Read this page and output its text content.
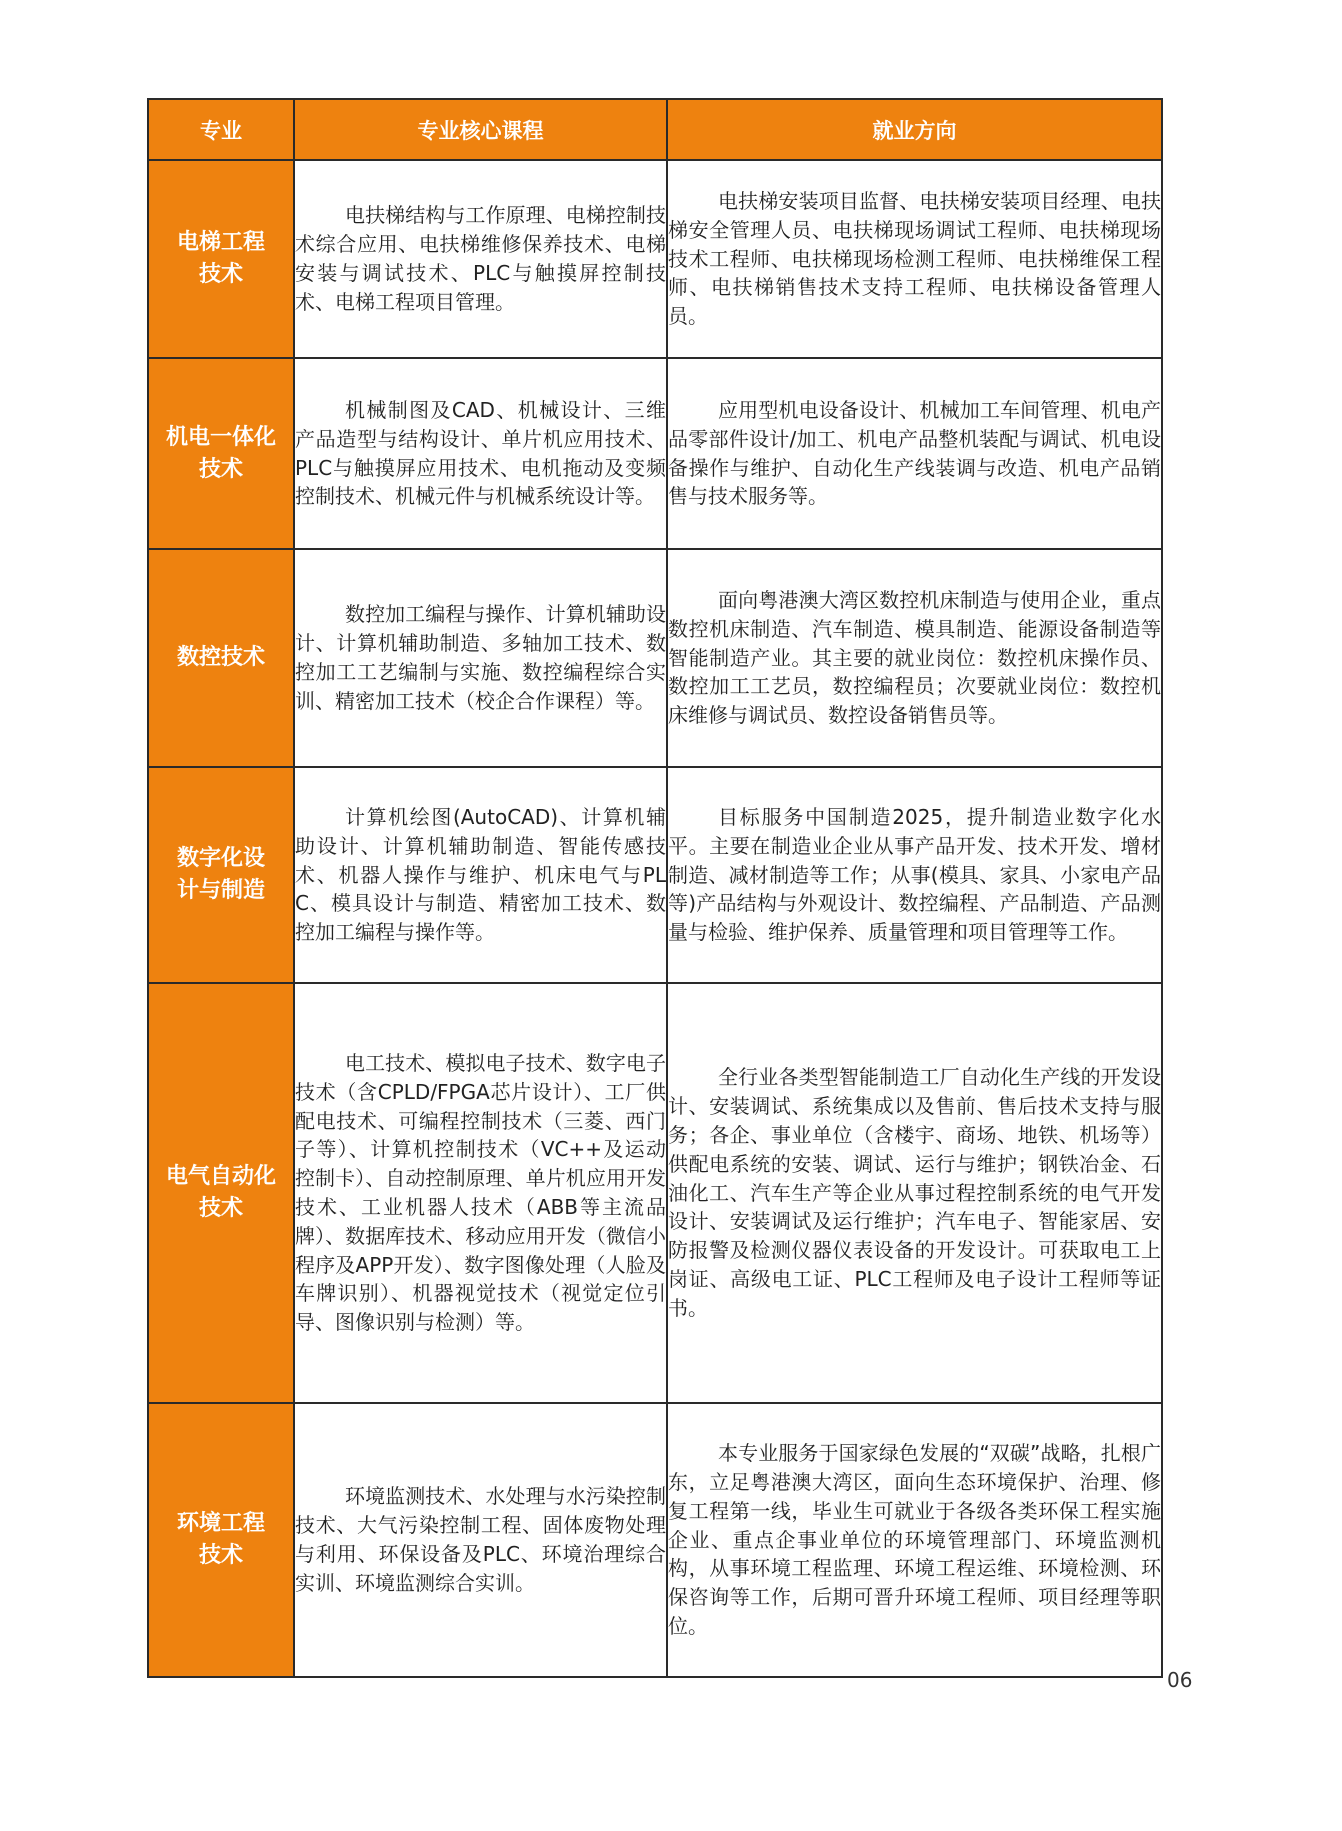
专业	专业核心课程	就业方向

电梯工程技术	电扶梯结构与工作原理、电梯控制技术综合应用、电扶梯维修保养技术、电梯安装与调试技术、PLC与触摸屏控制技术、电梯工程项目管理。	电扶梯安装项目监督、电扶梯安装项目经理、电扶梯安全管理人员、电扶梯现场调试工程师、电扶梯现场技术工程师、电扶梯现场检测工程师、电扶梯维保工程师、电扶梯销售技术支持工程师、电扶梯设备管理人员。

机电一体化技术	机械制图及CAD、机械设计、三维产品造型与结构设计、单片机应用技术、PLC与触摸屏应用技术、电机拖动及变频控制技术、机械元件与机械系统设计等。	应用型机电设备设计、机械加工车间管理、机电产品零部件设计/加工、机电产品整机装配与调试、机电设备操作与维护、自动化生产线装调与改造、机电产品销售与技术服务等。

数控技术	数控加工编程与操作、计算机辅助设计、计算机辅助制造、多轴加工技术、数控加工工艺编制与实施、数控编程综合实训、精密加工技术（校企合作课程）等。	面向粤港澳大湾区数控机床制造与使用企业，重点数控机床制造、汽车制造、模具制造、能源设备制造等智能制造产业。其主要的就业岗位：数控机床操作员、数控加工工艺员，数控编程员；次要就业岗位：数控机床维修与调试员、数控设备销售员等。

数字化设计与制造	计算机绘图(AutoCAD)、计算机辅助设计、计算机辅助制造、智能传感技术、机器人操作与维护、机床电气与PLC、模具设计与制造、精密加工技术、数控加工编程与操作等。	目标服务中国制造2025，提升制造业数字化水平。主要在制造业企业从事产品开发、技术开发、增材制造、减材制造等工作；从事(模具、家具、小家电产品等)产品结构与外观设计、数控编程、产品制造、产品测量与检验、维护保养、质量管理和项目管理等工作。

电气自动化技术	电工技术、模拟电子技术、数字电子技术（含CPLD/FPGA芯片设计）、工厂供配电技术、可编程控制技术（三菱、西门子等）、计算机控制技术（VC++及运动控制卡）、自动控制原理、单片机应用开发技术、工业机器人技术（ABB等主流品牌）、数据库技术、移动应用开发（微信小程序及APP开发）、数字图像处理（人脸及车牌识别）、机器视觉技术（视觉定位引导、图像识别与检测）等。	全行业各类型智能制造工厂自动化生产线的开发设计、安装调试、系统集成以及售前、售后技术支持与服务；各企、事业单位（含楼宇、商场、地铁、机场等）供配电系统的安装、调试、运行与维护；钢铁冶金、石油化工、汽车生产等企业从事过程控制系统的电气开发设计、安装调试及运行维护；汽车电子、智能家居、安防报警及检测仪器仪表设备的开发设计。可获取电工上岗证、高级电工证、PLC工程师及电子设计工程师等证书。

环境工程技术	环境监测技术、水处理与水污染控制技术、大气污染控制工程、固体废物处理与利用、环保设备及PLC、环境治理综合实训、环境监测综合实训。	本专业服务于国家绿色发展的“双碳”战略，扎根广东，立足粤港澳大湾区，面向生态环境保护、治理、修复工程第一线，毕业生可就业于各级各类环保工程实施企业、重点企事业单位的环境管理部门、环境监测机构，从事环境工程监理、环境工程运维、环境检测、环保咨询等工作，后期可晋升环境工程师、项目经理等职位。
06
